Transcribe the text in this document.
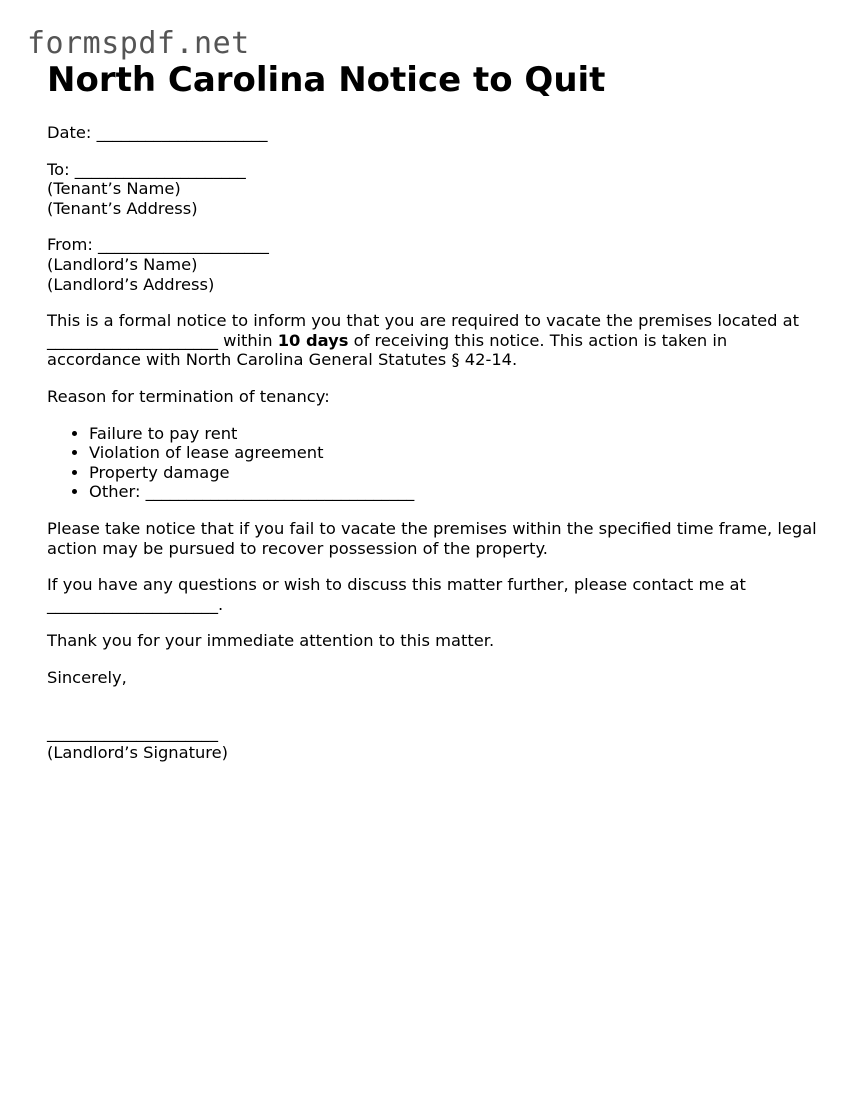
formspdf.net
North Carolina Notice to Quit

Date: _____________________

To: _____________________
(Tenant’s Name)
(Tenant’s Address)

From: _____________________
(Landlord’s Name)
(Landlord’s Address)

This is a formal notice to inform you that you are required to vacate the premises located at _____________________ within 10 days of receiving this notice. This action is taken in accordance with North Carolina General Statutes § 42-14.

Reason for termination of tenancy:

• Failure to pay rent
• Violation of lease agreement
• Property damage
• Other: _________________________________

Please take notice that if you fail to vacate the premises within the specified time frame, legal action may be pursued to recover possession of the property.

If you have any questions or wish to discuss this matter further, please contact me at _____________________.

Thank you for your immediate attention to this matter.

Sincerely,

_____________________
(Landlord’s Signature)
